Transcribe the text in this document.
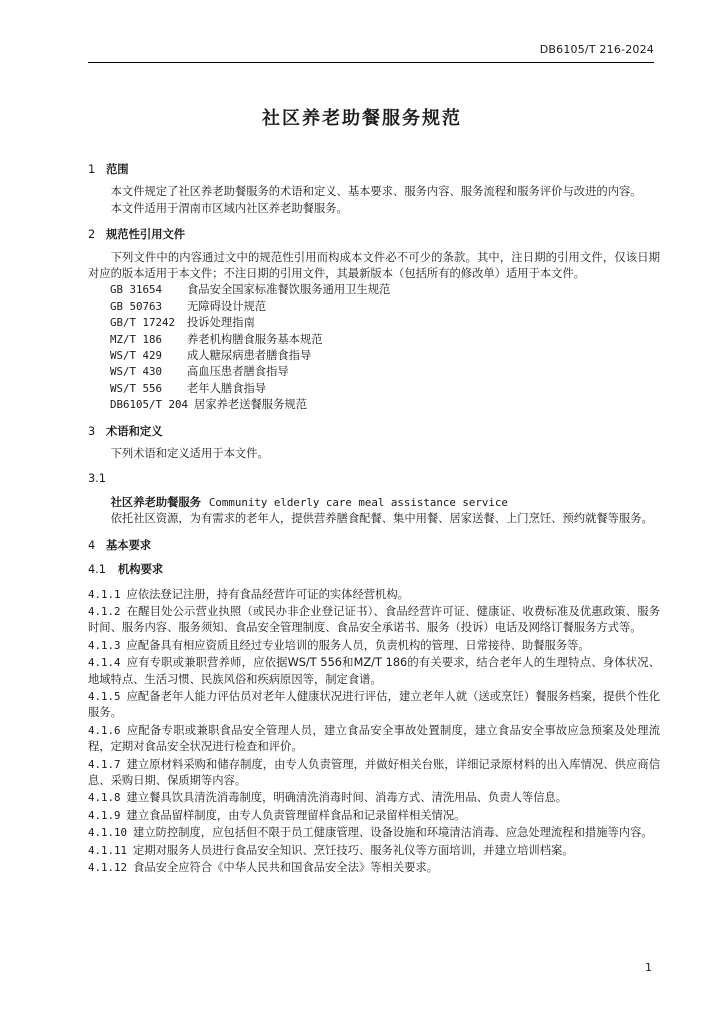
DB6105/T 216-2024
社区养老助餐服务规范
1 范围

本文件规定了社区养老助餐服务的术语和定义、基本要求、服务内容、服务流程和服务评价与改进的内容。

本文件适用于渭南市区域内社区养老助餐服务。

2 规范性引用文件

下列文件中的内容通过文中的规范性引用而构成本文件必不可少的条款。其中，注日期的引用文件，仅该日期对应的版本适用于本文件；不注日期的引用文件，其最新版本（包括所有的修改单）适用于本文件。

GB 31654 食品安全国家标准餐饮服务通用卫生规范
GB 50763 无障碍设计规范
GB/T 17242 投诉处理指南
MZ/T 186 养老机构膳食服务基本规范
WS/T 429 成人糖尿病患者膳食指导
WS/T 430 高血压患者膳食指导
WS/T 556 老年人膳食指导
DB6105/T 204 居家养老送餐服务规范
3 术语和定义

下列术语和定义适用于本文件。

3.1

社区养老助餐服务 Community elderly care meal assistance service

依托社区资源，为有需求的老年人，提供营养膳食配餐、集中用餐、居家送餐、上门烹饪、预约就餐等服务。

4 基本要求
4.1 机构要求
4.1.1 应依法登记注册，持有食品经营许可证的实体经营机构。
4.1.2 在醒目处公示营业执照（或民办非企业登记证书）、食品经营许可证、健康证、收费标准及优惠政策、服务时间、服务内容、服务须知、食品安全管理制度、食品安全承诺书、服务（投诉）电话及网络订餐服务方式等。
4.1.3 应配备具有相应资质且经过专业培训的服务人员，负责机构的管理、日常接待、助餐服务等。
4.1.4 应有专职或兼职营养师，应依据WS/T 556和MZ/T 186的有关要求，结合老年人的生理特点、身体状况、地域特点、生活习惯、民族风俗和疾病原因等，制定食谱。
4.1.5 应配备老年人能力评估员对老年人健康状况进行评估，建立老年人就（送或烹饪）餐服务档案，提供个性化服务。
4.1.6 应配备专职或兼职食品安全管理人员，建立食品安全事故处置制度，建立食品安全事故应急预案及处理流程，定期对食品安全状况进行检查和评价。
4.1.7 建立原材料采购和储存制度，由专人负责管理，并做好相关台账，详细记录原材料的出入库情况、供应商信息、采购日期、保质期等内容。
4.1.8 建立餐具饮具清洗消毒制度，明确清洗消毒时间、消毒方式、清洗用品、负责人等信息。
4.1.9 建立食品留样制度，由专人负责管理留样食品和记录留样相关情况。
4.1.10 建立防控制度，应包括但不限于员工健康管理、设备设施和环境清洁消毒、应急处理流程和措施等内容。
4.1.11 定期对服务人员进行食品安全知识、烹饪技巧、服务礼仪等方面培训，并建立培训档案。
4.1.12 食品安全应符合《中华人民共和国食品安全法》等相关要求。
1
